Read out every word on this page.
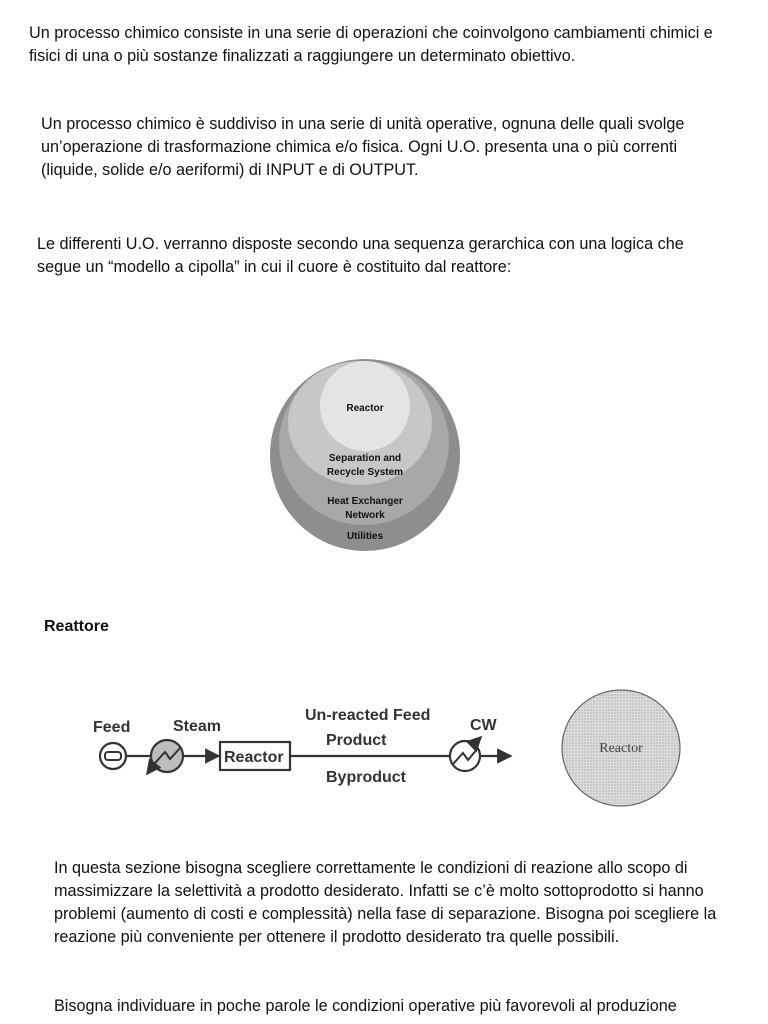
Un processo chimico consiste in una serie di operazioni che coinvolgono cambiamenti chimici e fisici di una o più sostanze finalizzati a raggiungere un determinato obiettivo.

Un processo chimico è suddiviso in una serie di unità operative, ognuna delle quali svolge un’operazione di trasformazione chimica e/o fisica. Ogni U.O. presenta una o più correnti (liquide, solide e/o aeriformi) di INPUT e di OUTPUT.

Le differenti U.O. verranno disposte secondo una sequenza gerarchica con una logica che segue un “modello a cipolla” in cui il cuore è costituito dal reattore:

Reactor
Separation and
Recycle System
Heat Exchanger
Network
Utilities
Reattore
Feed	Steam
Un-reacted Feed
Product
Byproduct
CW
Reactor
Reactor

In questa sezione bisogna scegliere correttamente le condizioni di reazione allo scopo di massimizzare la selettività a prodotto desiderato. Infatti se c’è molto sottoprodotto si hanno problemi (aumento di costi e complessità) nella fase di separazione. Bisogna poi scegliere la reazione più conveniente per ottenere il prodotto desiderato tra quelle possibili.

Bisogna individuare in poche parole le condizioni operative più favorevoli al produzione
